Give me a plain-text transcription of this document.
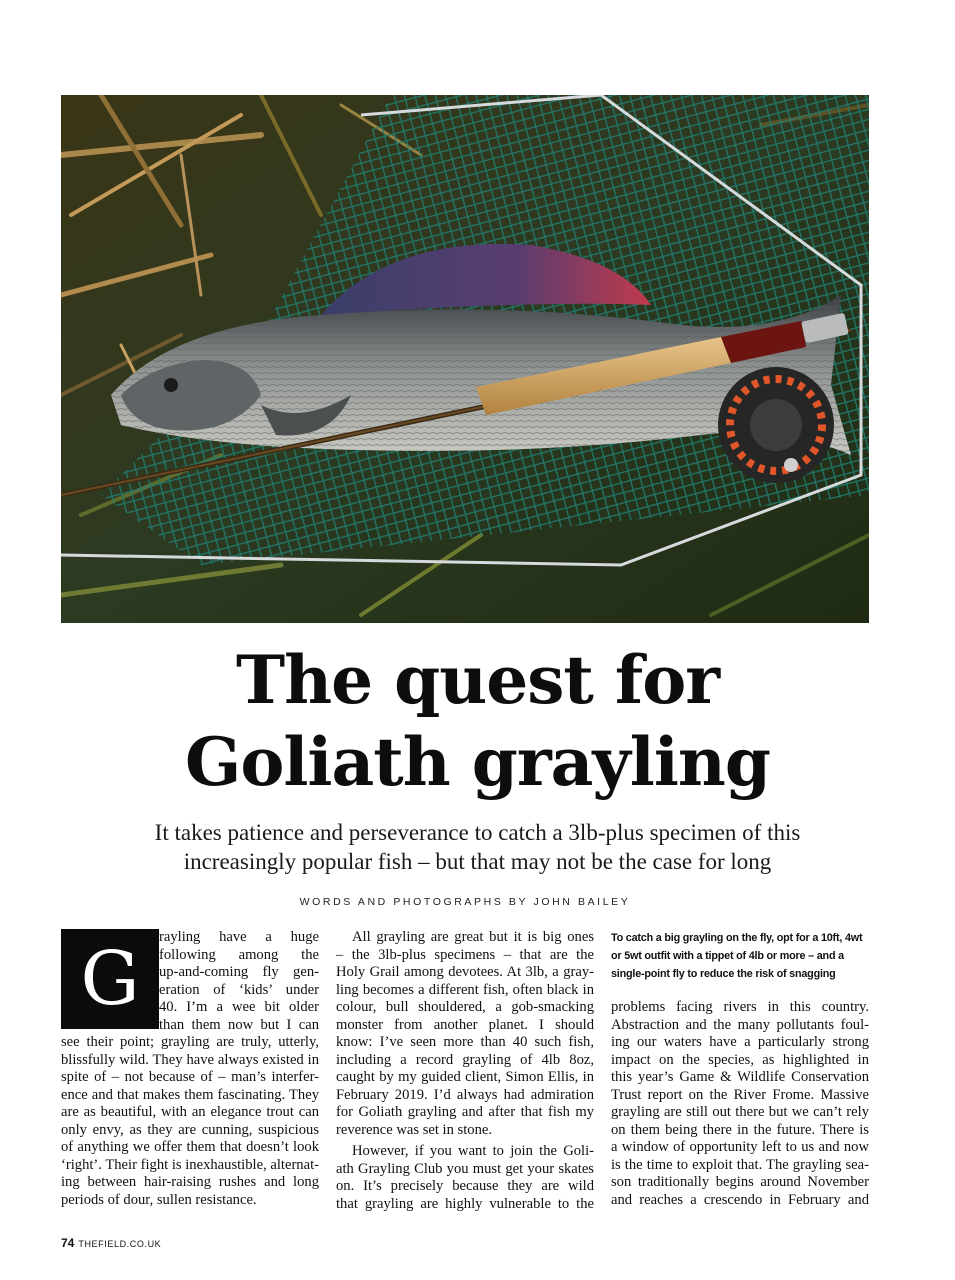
The quest for
Goliath grayling
It takes patience and perseverance to catch a 3lb-plus specimen of this
increasingly popular fish – but that may not be the case for long
WORDS AND PHOTOGRAPHS BY JOHN BAILEY
G	rayling have a huge
following among the
up-and-coming fly gen-
eration of ‘kids’ under
40. I’m a wee bit older
than them now but I can
see their point; grayling are truly, utterly,
blissfully wild. They have always existed in
spite of – not because of – man’s interfer-
ence and that makes them fascinating. They
are as beautiful, with an elegance trout can
only envy, as they are cunning, suspicious
of anything we offer them that doesn’t look
‘right’. Their fight is inexhaustible, alternat-
ing between hair-raising rushes and long
periods of dour, sullen resistance.
All grayling are great but it is big ones
– the 3lb-plus specimens – that are the
Holy Grail among devotees. At 3lb, a gray-
ling becomes a different fish, often black in
colour, bull shouldered, a gob-smacking
monster from another planet. I should
know: I’ve seen more than 40 such fish,
including a record grayling of 4lb 8oz,
caught by my guided client, Simon Ellis, in
February 2019. I’d always had admiration
for Goliath grayling and after that fish my
reverence was set in stone.
However, if you want to join the Goli-
ath Grayling Club you must get your skates
on. It’s precisely because they are wild
that grayling are highly vulnerable to the
To catch a big grayling on the fly, opt for a 10ft, 4wt
or 5wt outfit with a tippet of 4lb or more – and a
single-point fly to reduce the risk of snagging
problems facing rivers in this country.
Abstraction and the many pollutants foul-
ing our waters have a particularly strong
impact on the species, as highlighted in
this year’s Game & Wildlife Conservation
Trust report on the River Frome. Massive
grayling are still out there but we can’t rely
on them being there in the future. There is
a window of opportunity left to us and now
is the time to exploit that. The grayling sea-
son traditionally begins around November
and reaches a crescendo in February and
74 THEFIELD.CO.UK
